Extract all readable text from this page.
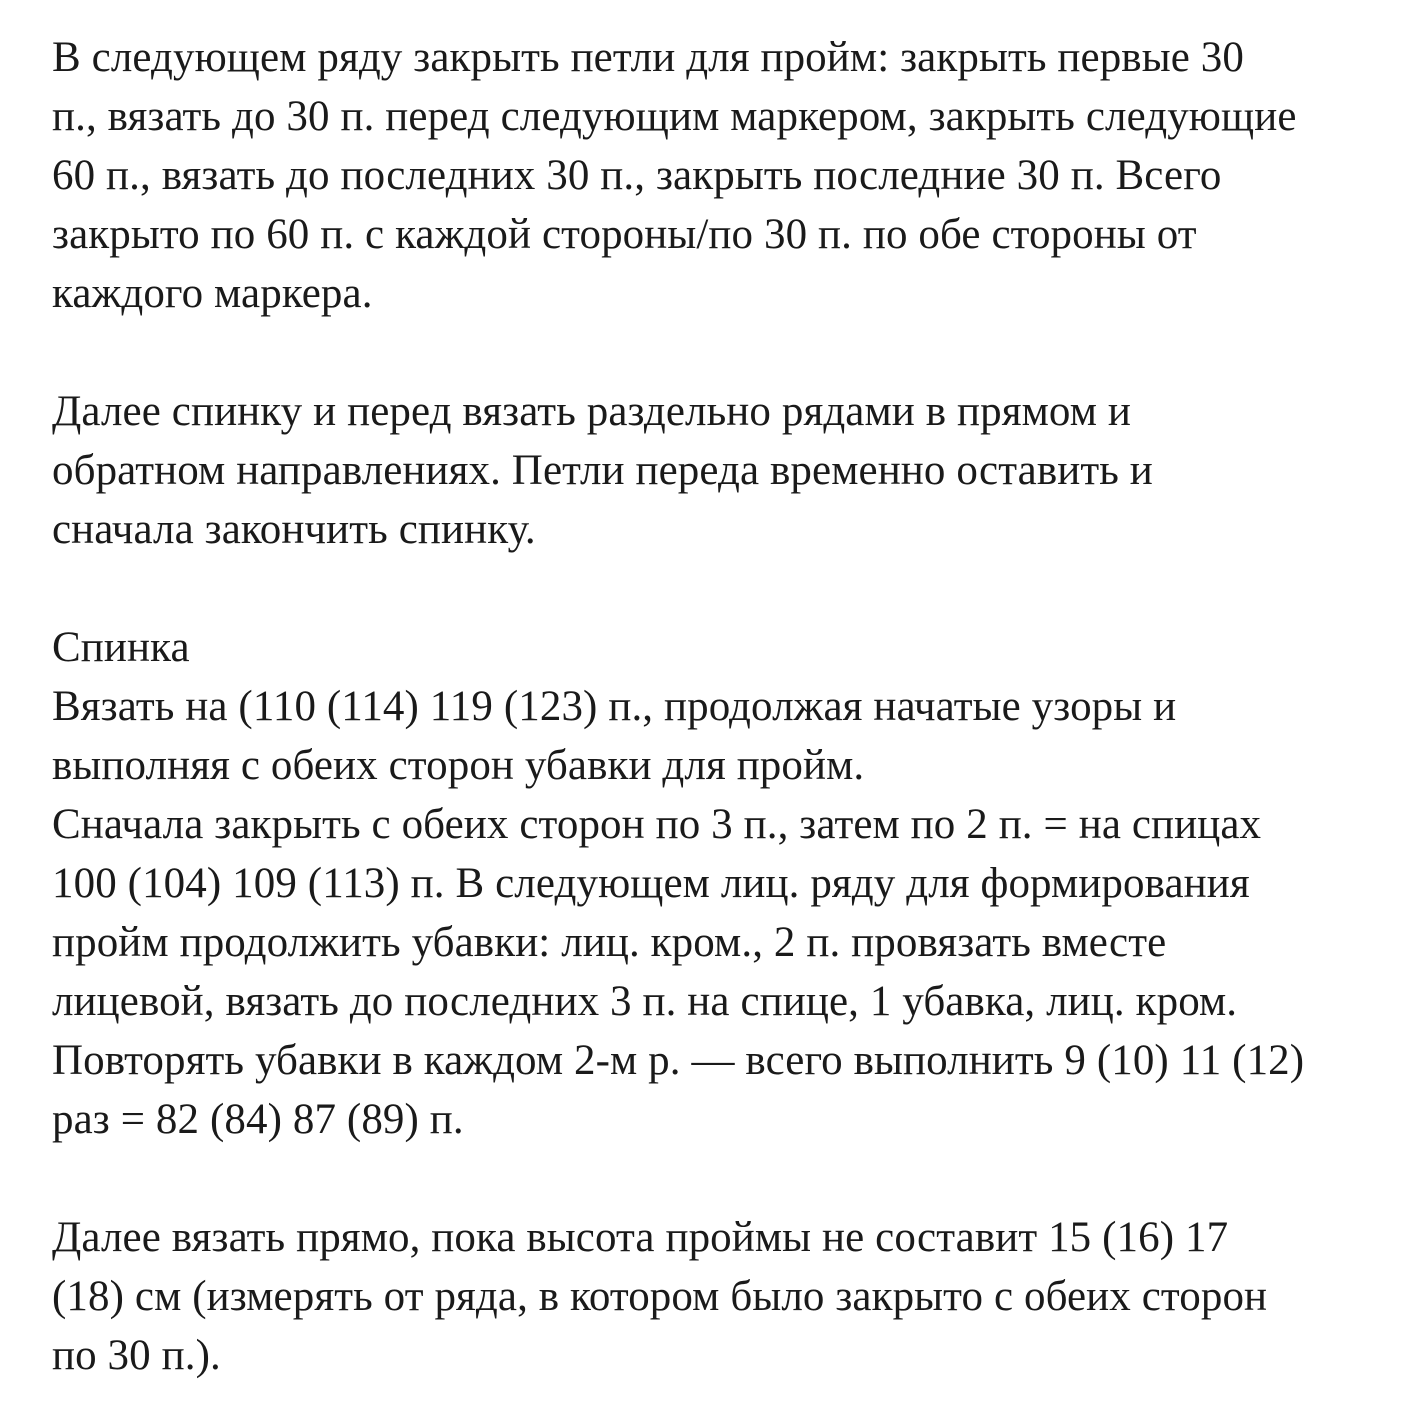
В следующем ряду закрыть петли для пройм: закрыть первые 30
п., вязать до 30 п. перед следующим маркером, закрыть следующие
60 п., вязать до последних 30 п., закрыть последние 30 п. Всего
закрыто по 60 п. с каждой стороны/по 30 п. по обе стороны от
каждого маркера.
Далее спинку и перед вязать раздельно рядами в прямом и
обратном направлениях. Петли переда временно оставить и
сначала закончить спинку.
Спинка
Вязать на (110 (114) 119 (123) п., продолжая начатые узоры и
выполняя с обеих сторон убавки для пройм.
Сначала закрыть с обеих сторон по 3 п., затем по 2 п. = на спицах
100 (104) 109 (113) п. В следующем лиц. ряду для формирования
пройм продолжить убавки: лиц. кром., 2 п. провязать вместе
лицевой, вязать до последних 3 п. на спице, 1 убавка, лиц. кром.
Повторять убавки в каждом 2-м р. — всего выполнить 9 (10) 11 (12)
раз = 82 (84) 87 (89) п.
Далее вязать прямо, пока высота проймы не составит 15 (16) 17
(18) см (измерять от ряда, в котором было закрыто с обеих сторон
по 30 п.).
